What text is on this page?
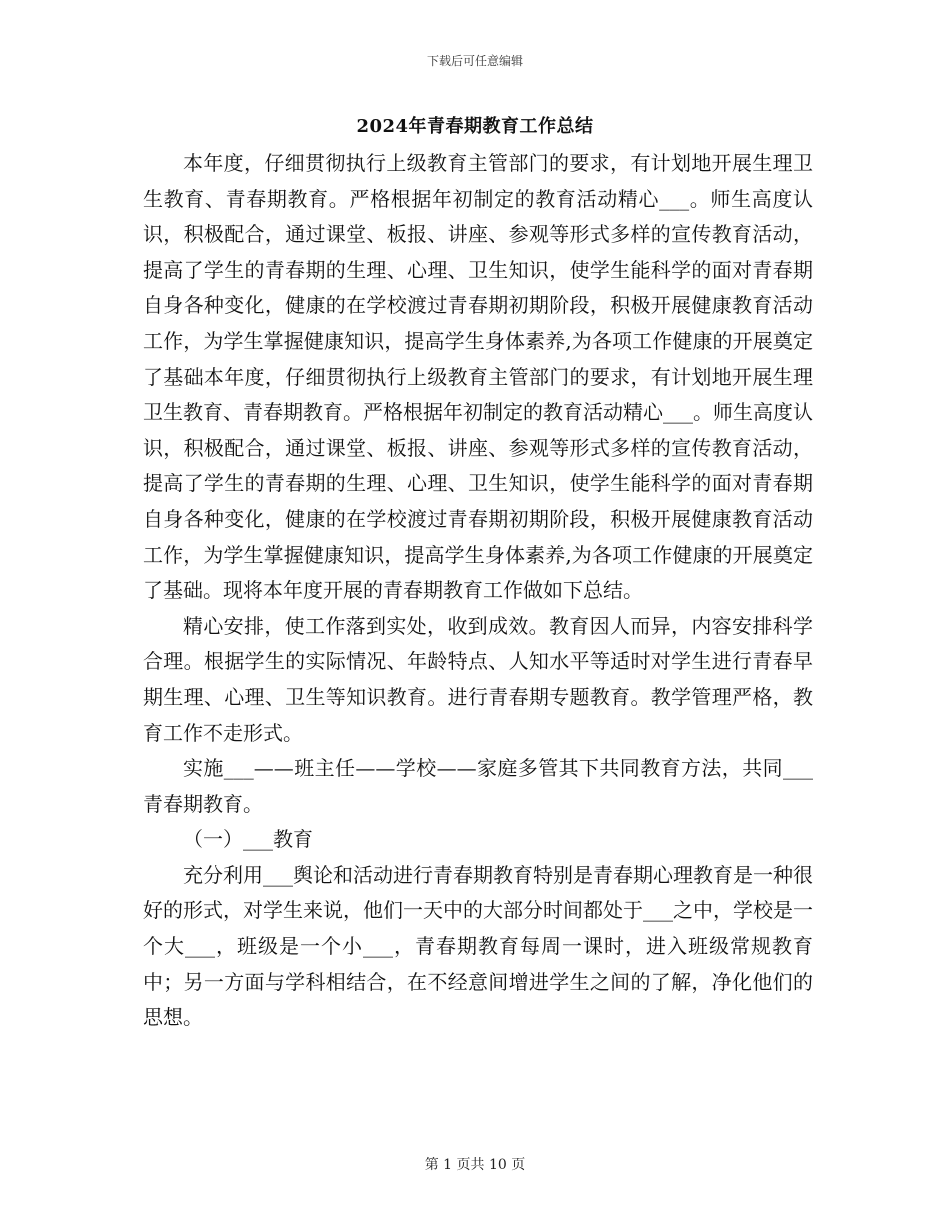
下载后可任意编辑
2024年青春期教育工作总结

本年度，仔细贯彻执行上级教育主管部门的要求，有计划地开展生理卫生教育、青春期教育。严格根据年初制定的教育活动精心___。师生高度认识，积极配合，通过课堂、板报、讲座、参观等形式多样的宣传教育活动，提高了学生的青春期的生理、心理、卫生知识，使学生能科学的面对青春期自身各种变化，健康的在学校渡过青春期初期阶段，积极开展健康教育活动工作，为学生掌握健康知识，提高学生身体素养,为各项工作健康的开展奠定了基础本年度，仔细贯彻执行上级教育主管部门的要求，有计划地开展生理卫生教育、青春期教育。严格根据年初制定的教育活动精心___。师生高度认识，积极配合，通过课堂、板报、讲座、参观等形式多样的宣传教育活动，提高了学生的青春期的生理、心理、卫生知识，使学生能科学的面对青春期自身各种变化，健康的在学校渡过青春期初期阶段，积极开展健康教育活动工作，为学生掌握健康知识，提高学生身体素养,为各项工作健康的开展奠定了基础。现将本年度开展的青春期教育工作做如下总结。

精心安排，使工作落到实处，收到成效。教育因人而异，内容安排科学合理。根据学生的实际情况、年龄特点、人知水平等适时对学生进行青春早期生理、心理、卫生等知识教育。进行青春期专题教育。教学管理严格，教育工作不走形式。

实施___——班主任——学校——家庭多管其下共同教育方法，共同___青春期教育。

（一）___教育

充分利用___舆论和活动进行青春期教育特别是青春期心理教育是一种很好的形式，对学生来说，他们一天中的大部分时间都处于___之中，学校是一个大___，班级是一个小___，青春期教育每周一课时，进入班级常规教育中；另一方面与学科相结合，在不经意间增进学生之间的了解，净化他们的思想。

第 1 页共 10 页
